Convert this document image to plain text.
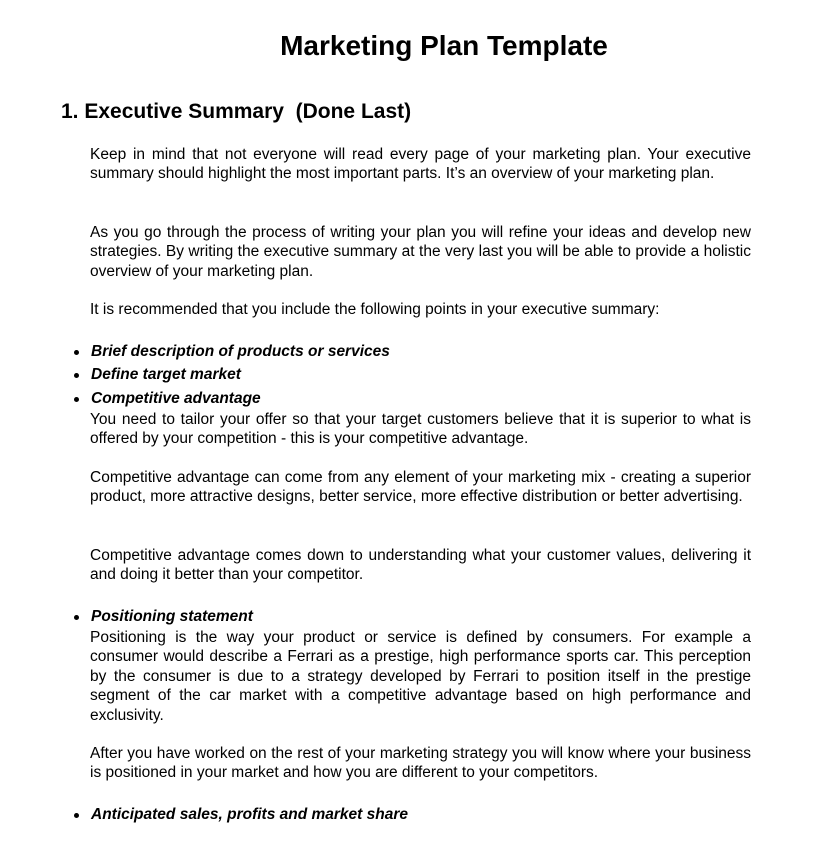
Marketing Plan Template
1. Executive Summary  (Done Last)

Keep in mind that not everyone will read every page of your marketing plan. Your executive summary should highlight the most important parts. It’s an overview of your marketing plan.

As you go through the process of writing your plan you will refine your ideas and develop new strategies. By writing the executive summary at the very last you will be able to provide a holistic overview of your marketing plan.

It is recommended that you include the following points in your executive summary:

Brief description of products or services
Define target market
Competitive advantage

You need to tailor your offer so that your target customers believe that it is superior to what is offered by your competition - this is your competitive advantage.

Competitive advantage can come from any element of your marketing mix - creating a superior product, more attractive designs, better service, more effective distribution or better advertising.

Competitive advantage comes down to understanding what your customer values, delivering it and doing it better than your competitor.

Positioning statement

Positioning is the way your product or service is defined by consumers. For example a consumer would describe a Ferrari as a prestige, high performance sports car. This perception by the consumer is due to a strategy developed by Ferrari to position itself in the prestige segment of the car market with a competitive advantage based on high performance and exclusivity.

After you have worked on the rest of your marketing strategy you will know where your business is positioned in your market and how you are different to your competitors.

Anticipated sales, profits and market share
